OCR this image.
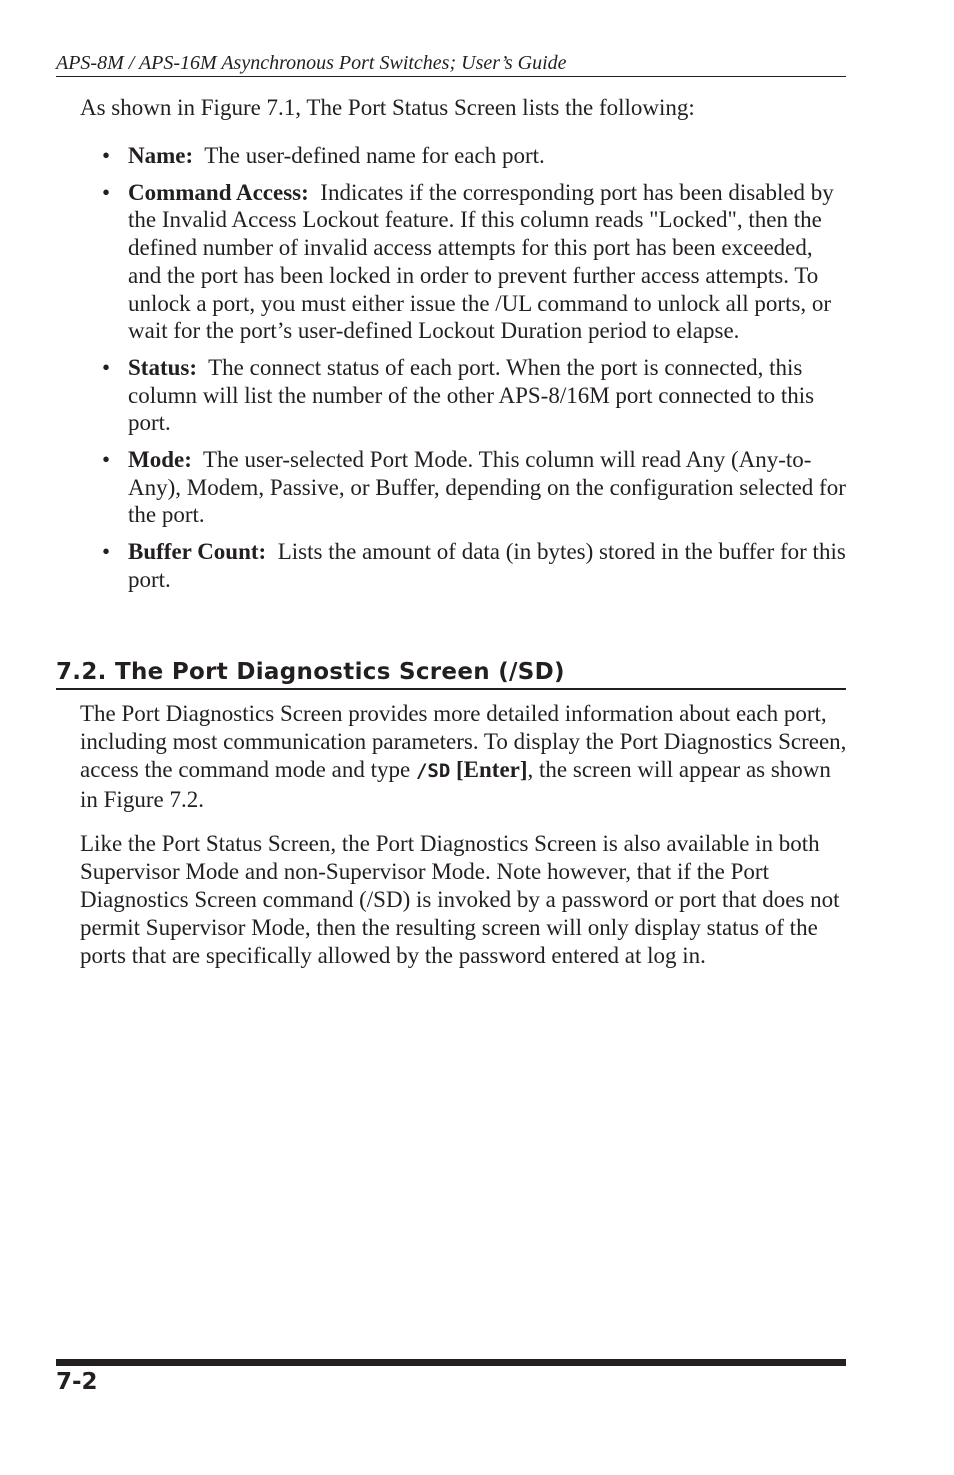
APS-8M / APS-16M Asynchronous Port Switches; User’s Guide

As shown in Figure 7.1, The Port Status Screen lists the following:

• Name: The user-defined name for each port.
• Command Access: Indicates if the corresponding port has been disabled by the Invalid Access Lockout feature. If this column reads "Locked", then the defined number of invalid access attempts for this port has been exceeded, and the port has been locked in order to prevent further access attempts. To unlock a port, you must either issue the /UL command to unlock all ports, or wait for the port’s user-defined Lockout Duration period to elapse.
• Status: The connect status of each port. When the port is connected, this column will list the number of the other APS-8/16M port connected to this port.
• Mode: The user-selected Port Mode. This column will read Any (Any-to-Any), Modem, Passive, or Buffer, depending on the configuration selected for the port.
• Buffer Count: Lists the amount of data (in bytes) stored in the buffer for this port.
7.2. The Port Diagnostics Screen (/SD)

The Port Diagnostics Screen provides more detailed information about each port, including most communication parameters. To display the Port Diagnostics Screen, access the command mode and type /SD [Enter], the screen will appear as shown in Figure 7.2.

Like the Port Status Screen, the Port Diagnostics Screen is also available in both Supervisor Mode and non-Supervisor Mode. Note however, that if the Port Diagnostics Screen command (/SD) is invoked by a password or port that does not permit Supervisor Mode, then the resulting screen will only display status of the ports that are specifically allowed by the password entered at log in.

7-2
